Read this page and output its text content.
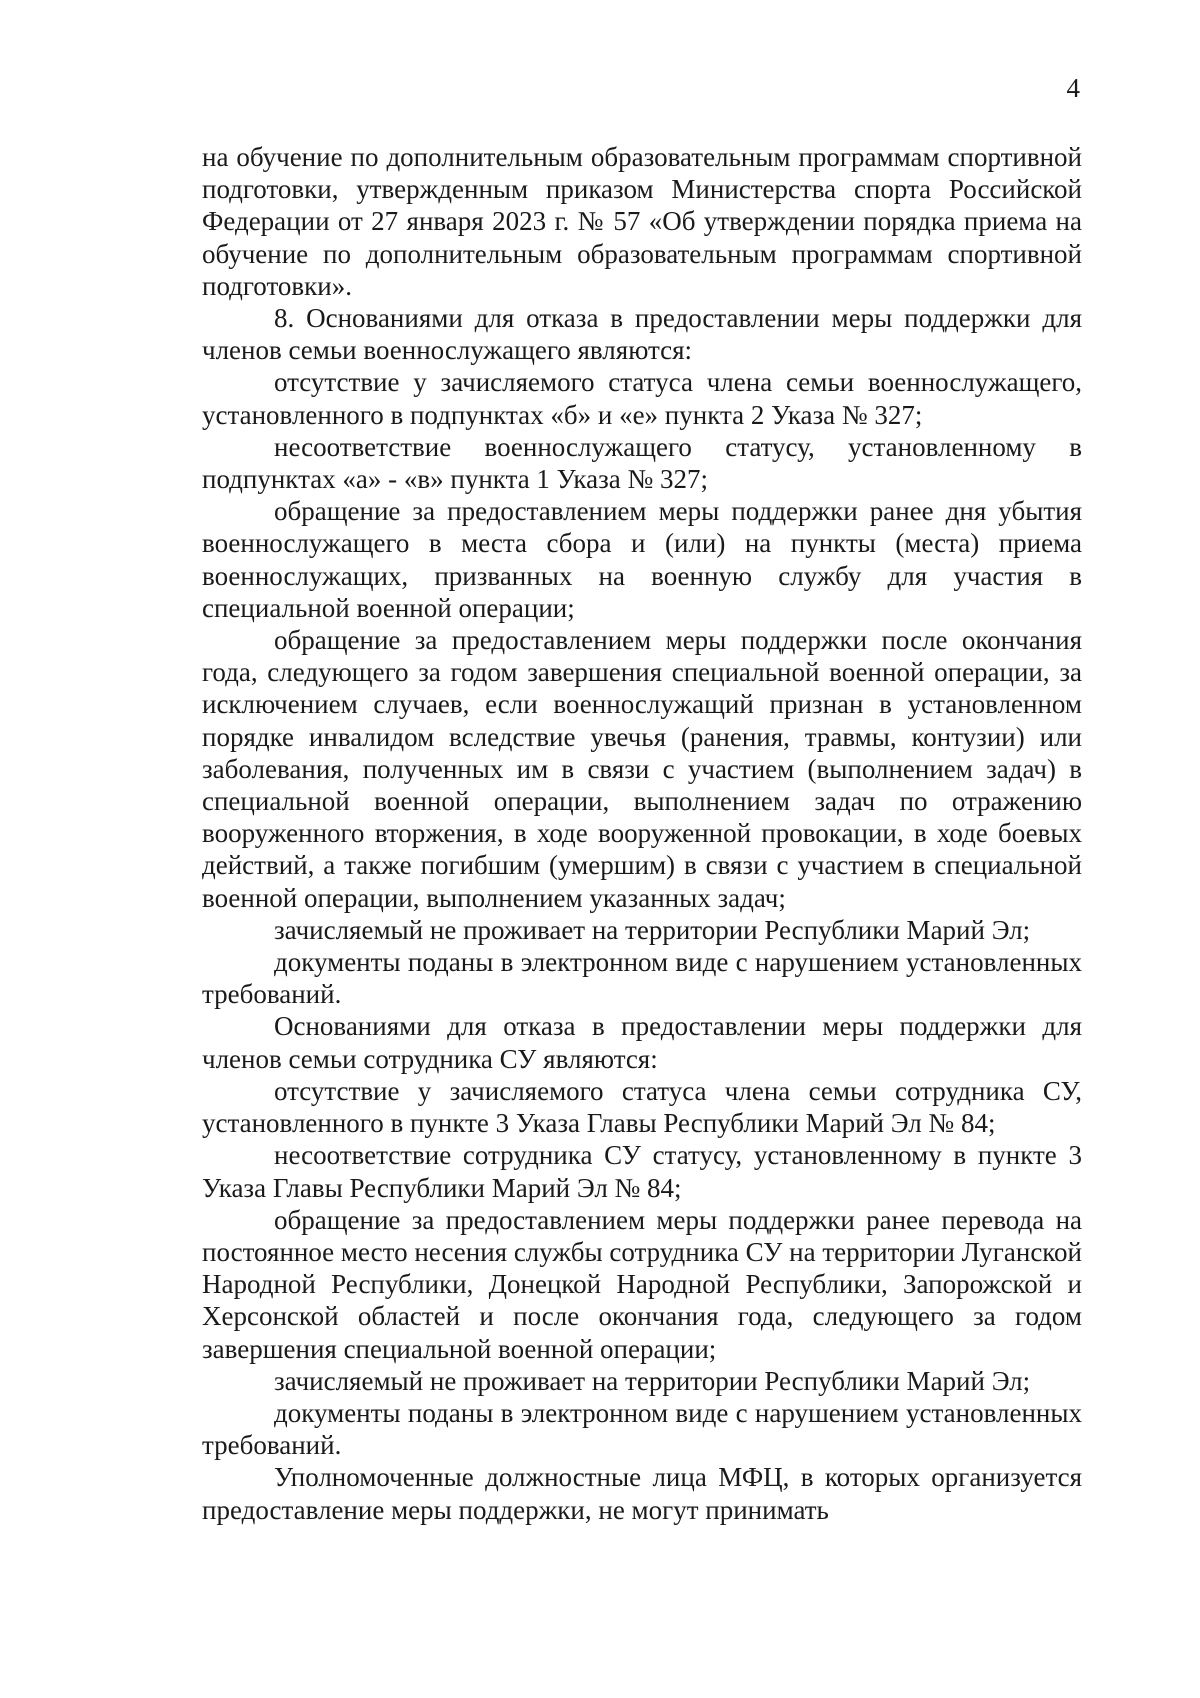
4

на обучение по дополнительным образовательным программам спортивной подготовки, утвержденным приказом Министерства спорта Российской Федерации от 27 января 2023 г. № 57 «Об утверждении порядка приема на обучение по дополнительным образовательным программам спортивной подготовки».

8. Основаниями для отказа в предоставлении меры поддержки для членов семьи военнослужащего являются:

отсутствие у зачисляемого статуса члена семьи военнослужащего, установленного в подпунктах «б» и «е» пункта 2 Указа № 327;

несоответствие военнослужащего статусу, установленному в подпунктах «а» - «в» пункта 1 Указа № 327;

обращение за предоставлением меры поддержки ранее дня убытия военнослужащего в места сбора и (или) на пункты (места) приема военнослужащих, призванных на военную службу для участия в специальной военной операции;

обращение за предоставлением меры поддержки после окончания года, следующего за годом завершения специальной военной операции, за исключением случаев, если военнослужащий признан в установленном порядке инвалидом вследствие увечья (ранения, травмы, контузии) или заболевания, полученных им в связи с участием (выполнением задач) в специальной военной операции, выполнением задач по отражению вооруженного вторжения, в ходе вооруженной провокации, в ходе боевых действий, а также погибшим (умершим) в связи с участием в специальной военной операции, выполнением указанных задач;

зачисляемый не проживает на территории Республики Марий Эл;

документы поданы в электронном виде с нарушением установленных требований.

Основаниями для отказа в предоставлении меры поддержки для членов семьи сотрудника СУ являются:

отсутствие у зачисляемого статуса члена семьи сотрудника СУ, установленного в пункте 3 Указа Главы Республики Марий Эл № 84;

несоответствие сотрудника СУ статусу, установленному в пункте 3 Указа Главы Республики Марий Эл № 84;

обращение за предоставлением меры поддержки ранее перевода на постоянное место несения службы сотрудника СУ на территории Луганской Народной Республики, Донецкой Народной Республики, Запорожской и Херсонской областей и после окончания года, следующего за годом завершения специальной военной операции;

зачисляемый не проживает на территории Республики Марий Эл;

документы поданы в электронном виде с нарушением установленных требований.

Уполномоченные должностные лица МФЦ, в которых организуется предоставление меры поддержки, не могут принимать
